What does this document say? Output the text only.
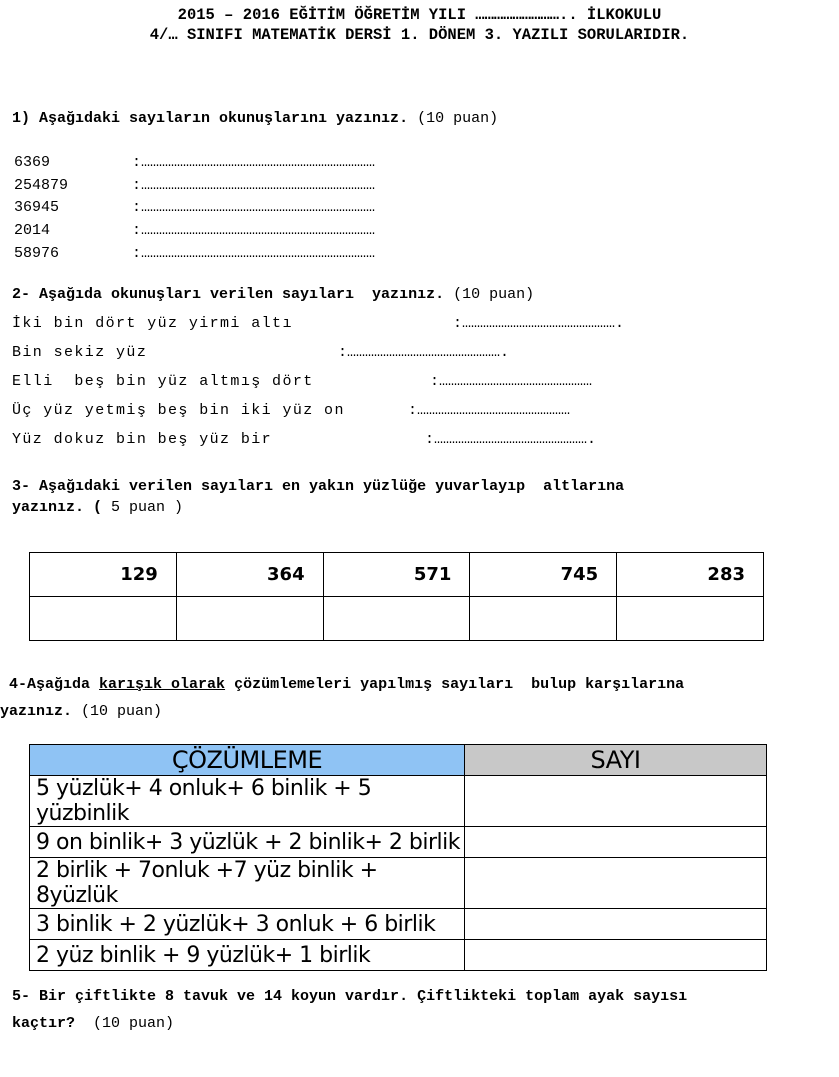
2015 – 2016 EĞİTİM ÖĞRETİM YILI ……………………….. İLKOKULU
4/… SINIFI MATEMATİK DERSİ 1. DÖNEM 3. YAZILI SORULARIDIR.
1) Aşağıdaki sayıların okunuşlarını yazınız. (10 puan)
6369	:……………………………………………………………………
254879	:……………………………………………………………………
36945	:……………………………………………………………………
2014	:……………………………………………………………………
58976	:……………………………………………………………………
2- Aşağıda okunuşları verilen sayıları  yazınız. (10 puan)
İki bin dört yüz yirmi altı	:…………………………………………….
Bin sekiz yüz	:…………………………………………….
Elli  beş bin yüz altmış dört	:……………………………………………
Üç yüz yetmiş beş bin iki yüz on	:……………………………………………
Yüz dokuz bin beş yüz bir	:…………………………………………….
3- Aşağıdaki verilen sayıları en yakın yüzlüğe yuvarlayıp  altlarına
yazınız. ( 5 puan )
129	364	571	745	283

4-Aşağıda karışık olarak çözümlemeleri yapılmış sayıları  bulup karşılarına
yazınız. (10 puan)
ÇÖZÜMLEME	SAYI
5 yüzlük+ 4 onluk+ 6 binlik + 5 yüzbinlik	
9 on binlik+ 3 yüzlük + 2 binlik+ 2 birlik	
2 birlik + 7onluk +7 yüz binlik + 8yüzlük	
3 binlik + 2 yüzlük+ 3 onluk + 6 birlik	
2 yüz binlik + 9 yüzlük+ 1 birlik	
5- Bir çiftlikte 8 tavuk ve 14 koyun vardır. Çiftlikteki toplam ayak sayısı
kaçtır? (10 puan)
